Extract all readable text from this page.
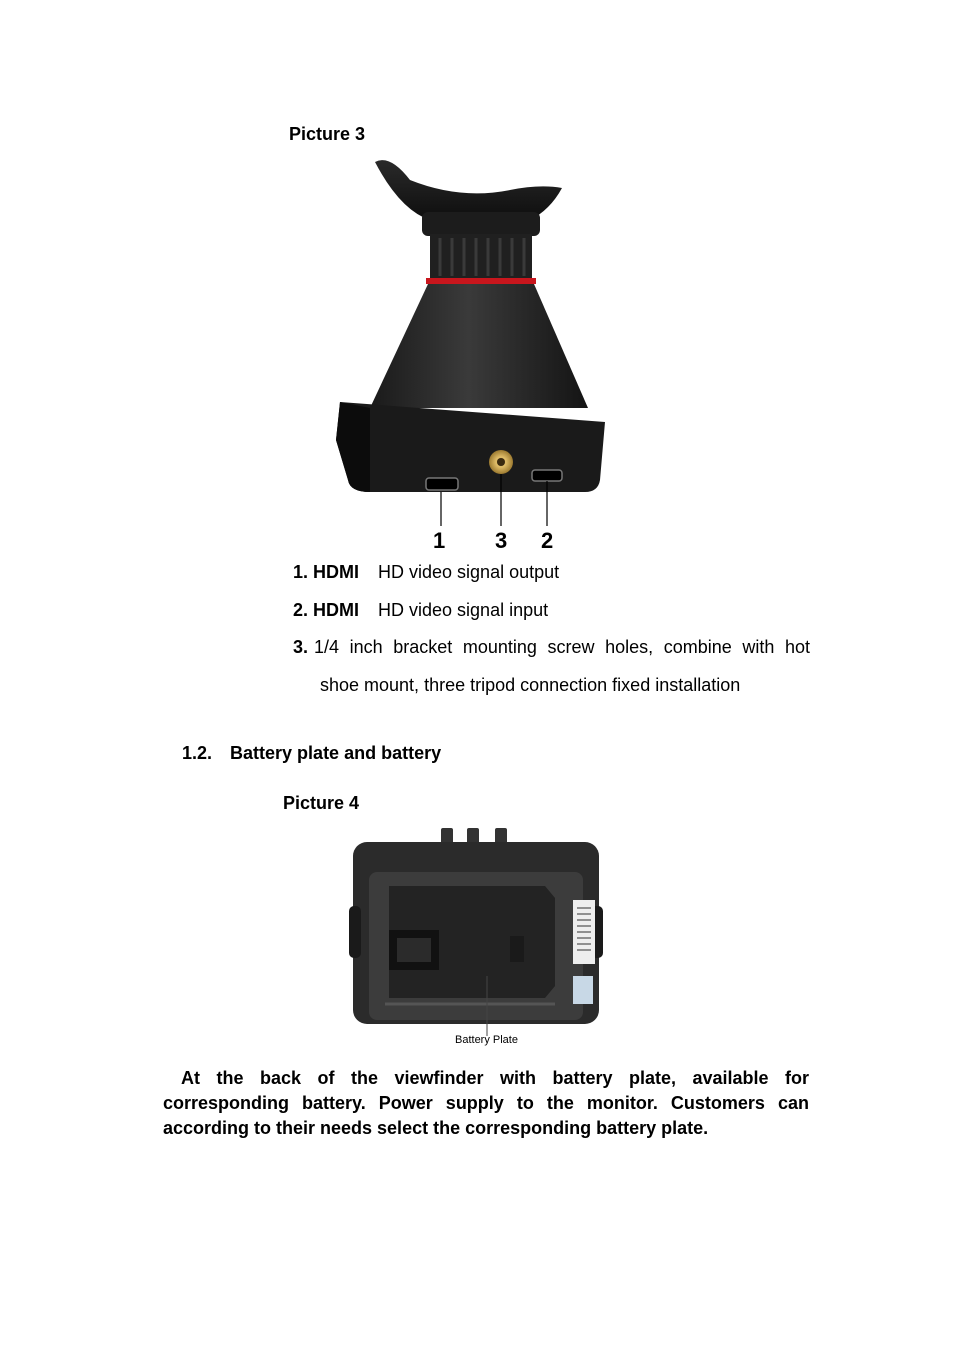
Picture 3
1 3 2
1. HDMI HD video signal output
2. HDMI HD video signal input
3. 1/4 inch bracket mounting screw holes, combine with hot
shoe mount, three tripod connection fixed installation
1.2. Battery plate and battery
Picture 4
Battery Plate
At the back of the viewfinder with battery plate, available for corresponding battery. Power supply to the monitor. Customers can according to their needs select the corresponding battery plate.
